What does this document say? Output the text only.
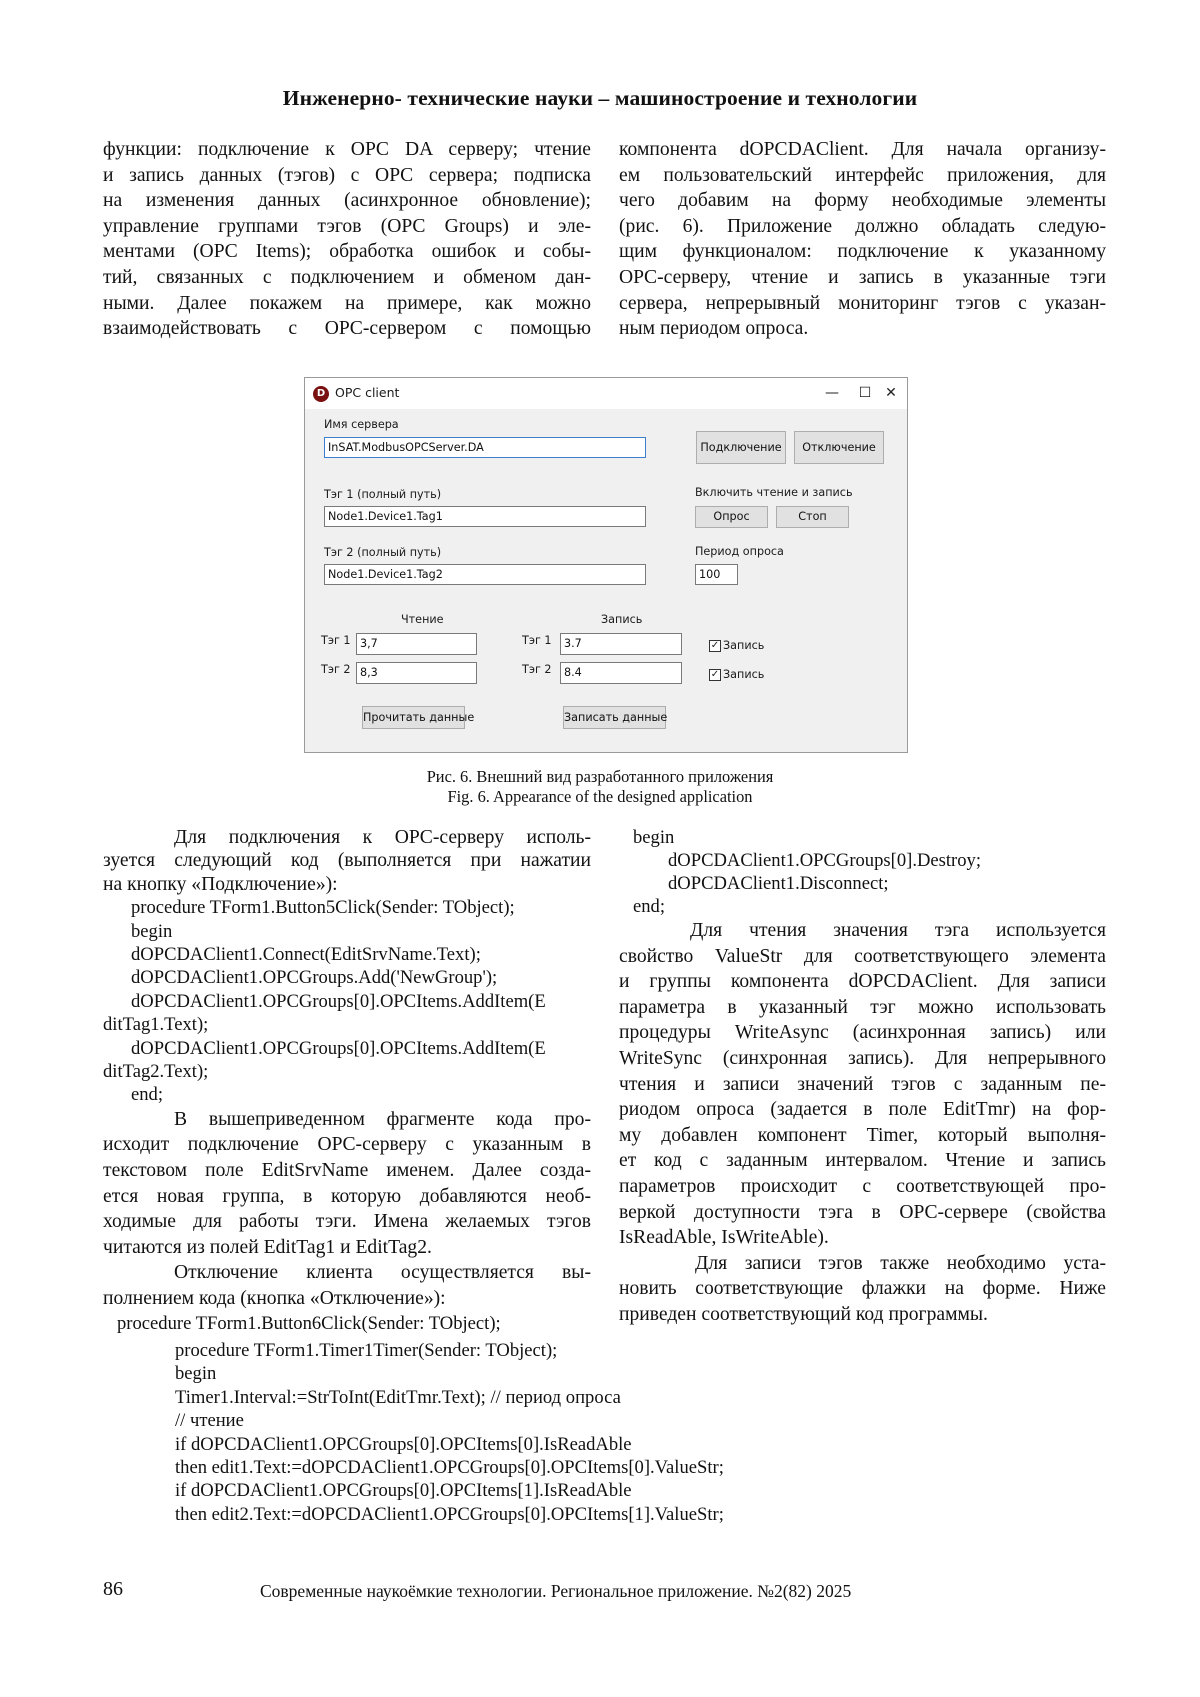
Инженерно- технические науки – машиностроение и технологии

функции: подключение к OPC DA серверу; чтение

и запись данных (тэгов) с OPC сервера; подписка

на изменения данных (асинхронное обновление);

управление группами тэгов (OPC Groups) и эле-

ментами (OPC Items); обработка ошибок и собы-

тий, связанных с подключением и обменом дан-

ными. Далее покажем на примере, как можно

взаимодействовать с OPC-сервером с помощью

компонента dOPCDAClient. Для начала организу-

ем пользовательский интерфейс приложения, для

чего добавим на форму необходимые элементы

(рис. 6). Приложение должно обладать следую-

щим функционалом: подключение к указанному

OPC-серверу, чтение и запись в указанные тэги

сервера, непрерывный мониторинг тэгов с указан-

ным периодом опроса.

D OPC client	—	☐ ✕
Имя сервера
InSAT.ModbusOPCServer.DA	Подключение	Отключение
Тэг 1 (полный путь)
Node1.Device1.Tag1
Включить чтение и запись
Опрос	Стоп
Тэг 2 (полный путь)
Node1.Device1.Tag2
Период опроса
100
Чтение	Запись
Тэг 1 3,7
Тэг 2 8,3
Тэг 1	3.7
Тэг 2	8.4
✓ Запись
✓ Запись
Прочитать данные	Записать данные
Рис. 6. Внешний вид разработанного приложения
Fig. 6. Appearance of the designed application

Для подключения к OPC-серверу исполь-

зуется следующий код (выполняется при нажатии

на кнопку «Подключение»):

procedure TForm1.Button5Click(Sender: TObject);

begin

dOPCDAClient1.Connect(EditSrvName.Text);

dOPCDAClient1.OPCGroups.Add('NewGroup');

dOPCDAClient1.OPCGroups[0].OPCItems.AddItem(E

ditTag1.Text);

dOPCDAClient1.OPCGroups[0].OPCItems.AddItem(E

ditTag2.Text);

end;

В вышеприведенном фрагменте кода про-

исходит подключение OPC-серверу с указанным в

текстовом поле EditSrvName именем. Далее созда-

ется новая группа, в которую добавляются необ-

ходимые для работы тэги. Имена желаемых тэгов

читаются из полей EditTag1 и EditTag2.

Отключение клиента осуществляется вы-

полнением кода (кнопка «Отключение»):

procedure TForm1.Button6Click(Sender: TObject);

begin

dOPCDAClient1.OPCGroups[0].Destroy;

dOPCDAClient1.Disconnect;

end;

Для чтения значения тэга используется

свойство ValueStr для соответствующего элемента

и группы компонента dOPCDAClient. Для записи

параметра в указанный тэг можно использовать

процедуры WriteAsync (асинхронная запись) или

WriteSync (синхронная запись). Для непрерывного

чтения и записи значений тэгов с заданным пе-

риодом опроса (задается в поле EditTmr) на фор-

му добавлен компонент Timer, который выполня-

ет код с заданным интервалом. Чтение и запись

параметров происходит с соответствующей про-

веркой доступности тэга в OPC-сервере (свойства

IsReadAble, IsWriteAble).

Для записи тэгов также необходимо уста-

новить соответствующие флажки на форме. Ниже

приведен соответствующий код программы.

procedure TForm1.Timer1Timer(Sender: TObject);
begin
Timer1.Interval:=StrToInt(EditTmr.Text); // период опроса
// чтение
if dOPCDAClient1.OPCGroups[0].OPCItems[0].IsReadAble
then edit1.Text:=dOPCDAClient1.OPCGroups[0].OPCItems[0].ValueStr;
if dOPCDAClient1.OPCGroups[0].OPCItems[1].IsReadAble
then edit2.Text:=dOPCDAClient1.OPCGroups[0].OPCItems[1].ValueStr;
86	Современные наукоёмкие технологии. Региональное приложение. №2(82) 2025
